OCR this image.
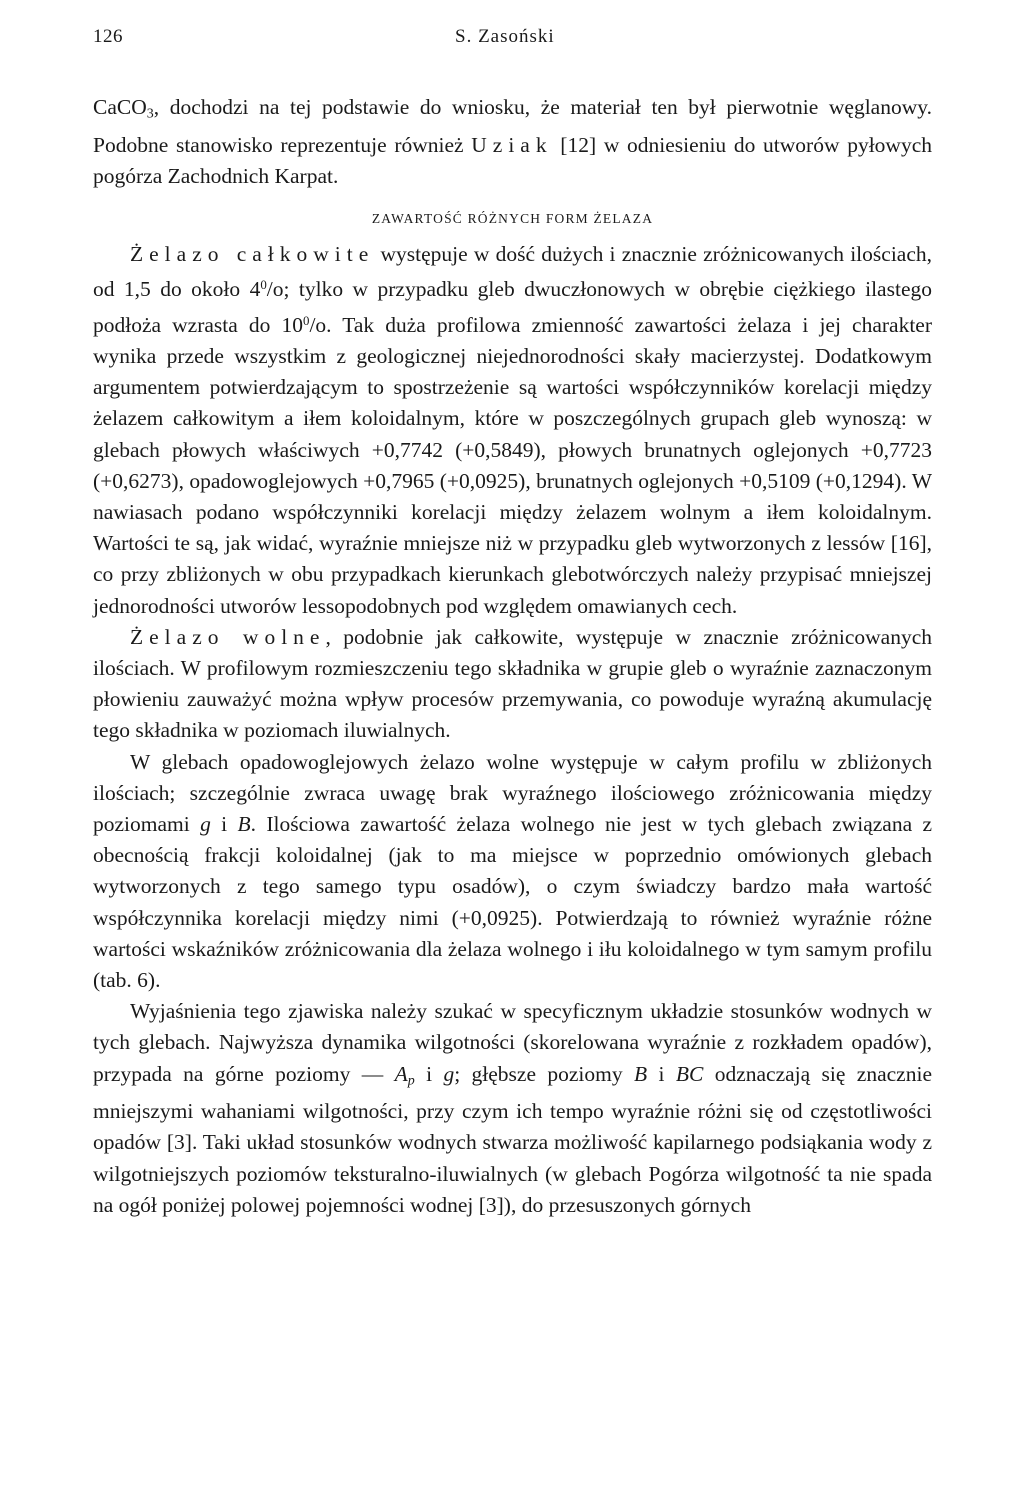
126	S. Zasoński

CaCO$_3$, dochodzi na tej podstawie do wniosku, że materiał ten był pierwotnie węglanowy. Podobne stanowisko reprezentuje również Uziak [12] w odniesieniu do utworów pyłowych pogórza Zachodnich Karpat.

ZAWARTOŚĆ RÓŻNYCH FORM ŻELAZA

Żelazo całkowite występuje w dość dużych i znacznie zróżnicowanych ilościach, od 1,5 do około $4^0/o$; tylko w przypadku gleb dwuczłonowych w obrębie ciężkiego ilastego podłoża wzrasta do $10^0/o$. Tak duża profilowa zmienność zawartości żelaza i jej charakter wynika przede wszystkim z geologicznej niejednorodności skały macierzystej. Dodatkowym argumentem potwierdzającym to spostrzeżenie są wartości współczynników korelacji między żelazem całkowitym a iłem koloidalnym, które w poszczególnych grupach gleb wynoszą: w glebach płowych właściwych +0,7742 (+0,5849), płowych brunatnych oglejonych +0,7723 (+0,6273), opadowoglejowych +0,7965 (+0,0925), brunatnych oglejonych +0,5109 (+0,1294). W nawiasach podano współczynniki korelacji między żelazem wolnym a iłem koloidalnym. Wartości te są, jak widać, wyraźnie mniejsze niż w przypadku gleb wytworzonych z lessów [16], co przy zbliżonych w obu przypadkach kierunkach glebotwórczych należy przypisać mniejszej jednorodności utworów lessopodobnych pod względem omawianych cech.

Żelazo wolne, podobnie jak całkowite, występuje w znacznie zróżnicowanych ilościach. W profilowym rozmieszczeniu tego składnika w grupie gleb o wyraźnie zaznaczonym płowieniu zauważyć można wpływ procesów przemywania, co powoduje wyraźną akumulację tego składnika w poziomach iluwialnych.

W glebach opadowoglejowych żelazo wolne występuje w całym profilu w zbliżonych ilościach; szczególnie zwraca uwagę brak wyraźnego ilościowego zróżnicowania między poziomami g i B. Ilościowa zawartość żelaza wolnego nie jest w tych glebach związana z obecnością frakcji koloidalnej (jak to ma miejsce w poprzednio omówionych glebach wytworzonych z tego samego typu osadów), o czym świadczy bardzo mała wartość współczynnika korelacji między nimi (+0,0925). Potwierdzają to również wyraźnie różne wartości wskaźników zróżnicowania dla żelaza wolnego i iłu koloidalnego w tym samym profilu (tab. 6).

Wyjaśnienia tego zjawiska należy szukać w specyficznym układzie stosunków wodnych w tych glebach. Najwyższa dynamika wilgotności (skorelowana wyraźnie z rozkładem opadów), przypada na górne poziomy — $A_p$ i g; głębsze poziomy B i BC odznaczają się znacznie mniejszymi wahaniami wilgotności, przy czym ich tempo wyraźnie różni się od częstotliwości opadów [3]. Taki układ stosunków wodnych stwarza możliwość kapilarnego podsiąkania wody z wilgotniejszych poziomów teksturalno-iluwialnych (w glebach Pogórza wilgotność ta nie spada na ogół poniżej polowej pojemności wodnej [3]), do przesuszonych górnych
